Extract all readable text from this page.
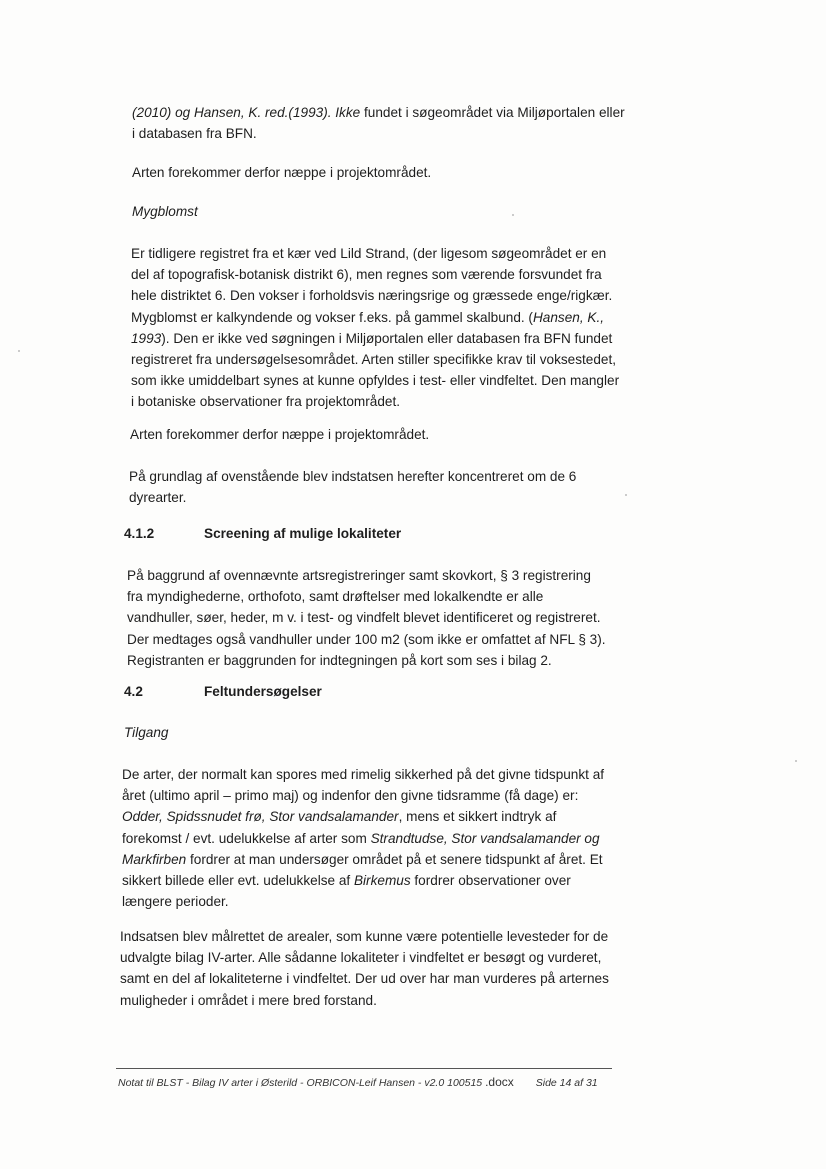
(2010) og Hansen, K. red.(1993). Ikke fundet i søgeområdet via Miljøportalen eller i databasen fra BFN.

Arten forekommer derfor næppe i projektområdet.

Mygblomst

Er tidligere registret fra et kær ved Lild Strand, (der ligesom søgeområdet er en del af topografisk-botanisk distrikt 6), men regnes som værende forsvundet fra hele distriktet 6. Den vokser i forholdsvis næringsrige og græssede enge/rigkær. Mygblomst er kalkyndende og vokser f.eks. på gammel skalbund. (Hansen, K., 1993). Den er ikke ved søgningen i Miljøportalen eller databasen fra BFN fundet registreret fra undersøgelsesområdet. Arten stiller specifikke krav til voksestedet, som ikke umiddelbart synes at kunne opfyldes i test- eller vindfeltet. Den mangler i botaniske observationer fra projektområdet.

Arten forekommer derfor næppe i projektområdet.

På grundlag af ovenstående blev indstatsen herefter koncentreret om de 6 dyrearter.

4.1.2	Screening af mulige lokaliteter

På baggrund af ovennævnte artsregistreringer samt skovkort, § 3 registrering fra myndighederne, orthofoto, samt drøftelser med lokalkendte er alle vandhuller, søer, heder, m v. i test- og vindfelt blevet identificeret og registreret. Der medtages også vandhuller under 100 m2 (som ikke er omfattet af NFL § 3). Registranten er baggrunden for indtegningen på kort som ses i bilag 2.

4.2	Feltundersøgelser

Tilgang

De arter, der normalt kan spores med rimelig sikkerhed på det givne tidspunkt af året (ultimo april – primo maj) og indenfor den givne tidsramme (få dage) er: Odder, Spidssnudet frø, Stor vandsalamander, mens et sikkert indtryk af forekomst / evt. udelukkelse af arter som Strandtudse, Stor vandsalamander og Markfirben fordrer at man undersøger området på et senere tidspunkt af året. Et sikkert billede eller evt. udelukkelse af Birkemus fordrer observationer over længere perioder.

Indsatsen blev målrettet de arealer, som kunne være potentielle levesteder for de udvalgte bilag IV-arter. Alle sådanne lokaliteter i vindfeltet er besøgt og vurderet, samt en del af lokaliteterne i vindfeltet. Der ud over har man vurderes på arternes muligheder i området i mere bred forstand.

Notat til BLST - Bilag IV arter i Østerild - ORBICON-Leif Hansen - v2.0 100515 .docx Side 14 af 31
